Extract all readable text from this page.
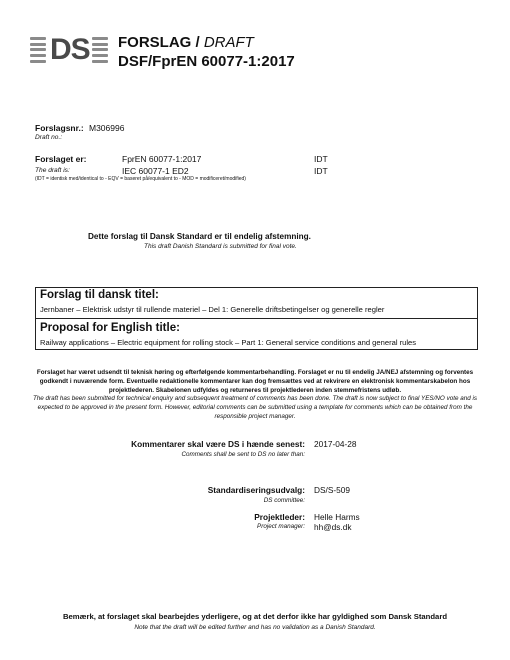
DS FORSLAG / DRAFT
DSF/FprEN 60077-1:2017
Forslagsnr.: M306996
Draft no.:
Forslaget er:	FprEN 60077-1:2017	IDT
The draft is:	IEC 60077-1 ED2	IDT
(IDT = identisk med/identical to - EQV = baseret på/equivalent to - MOD = modificeret/modified)
Dette forslag til Dansk Standard er til endelig afstemning.
This draft Danish Standard is submitted for final vote.
Forslag til dansk titel:
Jernbaner – Elektrisk udstyr til rullende materiel – Del 1: Generelle driftsbetingelser og generelle regler
Proposal for English title:
Railway applications – Electric equipment for rolling stock – Part 1: General service conditions and general rules
Forslaget har været udsendt til teknisk høring og efterfølgende kommentarbehandling. Forslaget er nu til endelig JA/NEJ afstemning og forventes godkendt i nuværende form. Eventuelle redaktionelle kommentarer kan dog fremsættes ved at rekvirere en elektronisk kommentarskabelon hos projektlederen. Skabelonen udfyldes og returneres til projektlederen inden stemmefristens udløb.
The draft has been submitted for technical enquiry and subsequent treatment of comments has been done. The draft is now subject to final YES/NO vote and is expected to be approved in the present form. However, editorial comments can be submitted using a template for comments which can be obtained from the responsible project manager.
Kommentarer skal være DS i hænde senest: 2017-04-28
Comments shall be sent to DS no later than:
Standardiseringsudvalg: DS/S-509
DS committee:
Projektleder: Helle Harms
Project manager: hh@ds.dk
Bemærk, at forslaget skal bearbejdes yderligere, og at det derfor ikke har gyldighed som Dansk Standard
Note that the draft will be edited further and has no validation as a Danish Standard.
